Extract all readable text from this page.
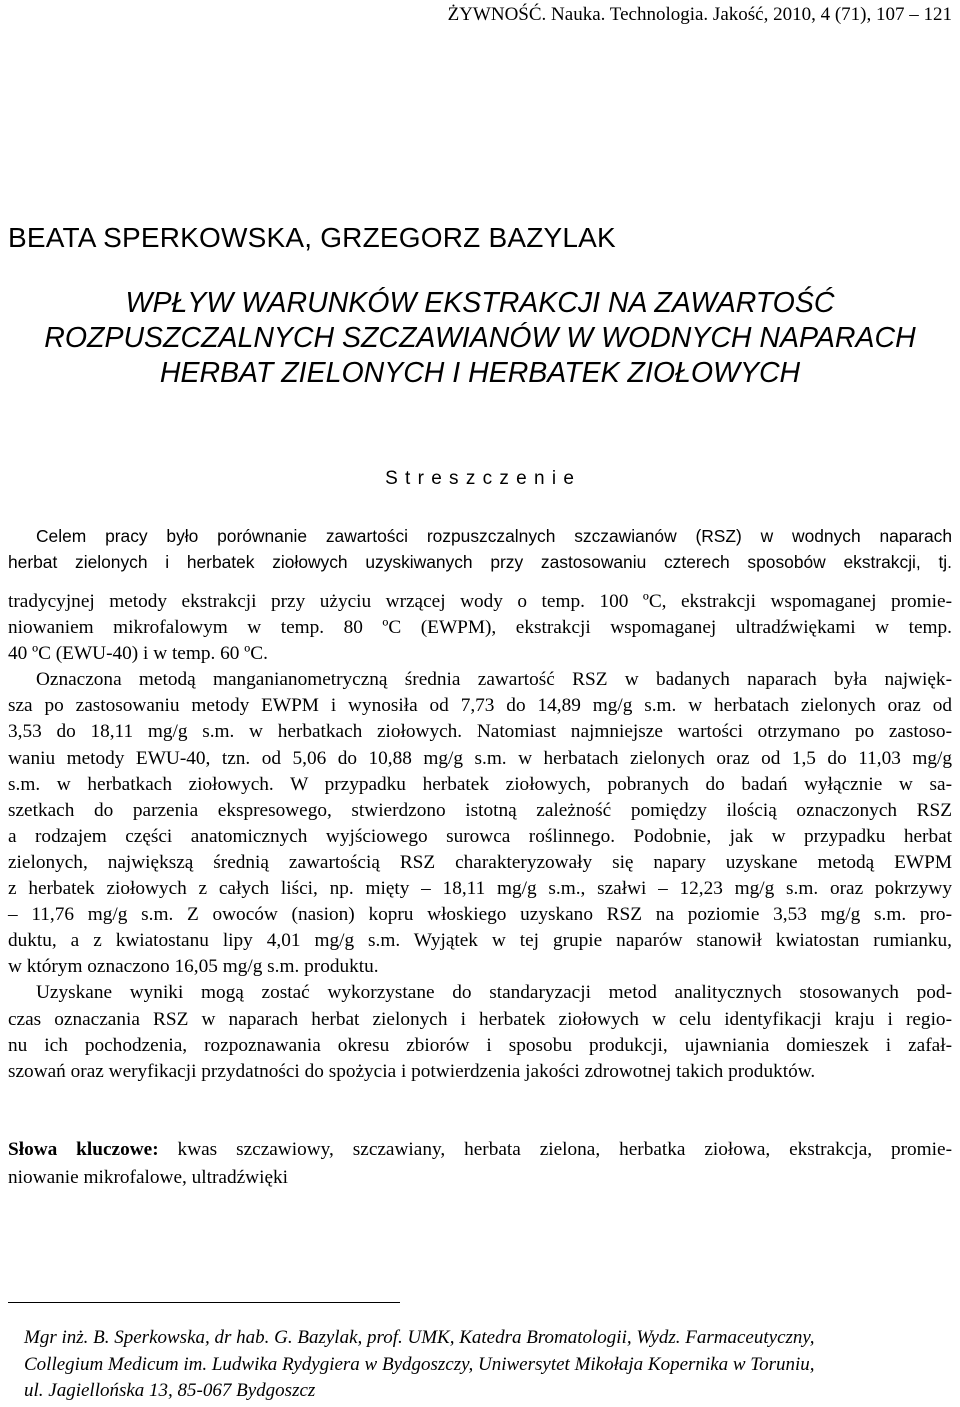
ŻYWNOŚĆ. Nauka. Technologia. Jakość, 2010, 4 (71), 107 – 121
BEATA SPERKOWSKA, GRZEGORZ BAZYLAK
WPŁYW WARUNKÓW EKSTRAKCJI NA ZAWARTOŚĆ
ROZPUSZCZALNYCH SZCZAWIANÓW W WODNYCH NAPARACH
HERBAT ZIELONYCH I HERBATEK ZIOŁOWYCH
S t r e s z c z e n i e
Celem pracy było porównanie zawartości rozpuszczalnych szczawianów (RSZ) w wodnych naparach
herbat zielonych i herbatek ziołowych uzyskiwanych przy zastosowaniu czterech sposobów ekstrakcji, tj.
tradycyjnej metody ekstrakcji przy użyciu wrzącej wody o temp. 100 ºC, ekstrakcji wspomaganej promie-
niowaniem mikrofalowym w temp. 80 ºC (EWPM), ekstrakcji wspomaganej ultradźwiękami w temp.
40 ºC (EWU-40) i w temp. 60 ºC.
Oznaczona metodą manganianometryczną średnia zawartość RSZ w badanych naparach była najwięk-
sza po zastosowaniu metody EWPM i wynosiła od 7,73 do 14,89 mg/g s.m. w herbatach zielonych oraz od
3,53 do 18,11 mg/g s.m. w herbatkach ziołowych. Natomiast najmniejsze wartości otrzymano po zastoso-
waniu metody EWU-40, tzn. od 5,06 do 10,88 mg/g s.m. w herbatach zielonych oraz od 1,5 do 11,03 mg/g
s.m. w herbatkach ziołowych. W przypadku herbatek ziołowych, pobranych do badań wyłącznie w sa-
szetkach do parzenia ekspresowego, stwierdzono istotną zależność pomiędzy ilością oznaczonych RSZ
a rodzajem części anatomicznych wyjściowego surowca roślinnego. Podobnie, jak w przypadku herbat
zielonych, największą średnią zawartością RSZ charakteryzowały się napary uzyskane metodą EWPM
z herbatek ziołowych z całych liści, np. mięty – 18,11 mg/g s.m., szałwi – 12,23 mg/g s.m. oraz pokrzywy
– 11,76 mg/g s.m. Z owoców (nasion) kopru włoskiego uzyskano RSZ na poziomie 3,53 mg/g s.m. pro-
duktu, a z kwiatostanu lipy 4,01 mg/g s.m. Wyjątek w tej grupie naparów stanowił kwiatostan rumianku,
w którym oznaczono 16,05 mg/g s.m. produktu.
Uzyskane wyniki mogą zostać wykorzystane do standaryzacji metod analitycznych stosowanych pod-
czas oznaczania RSZ w naparach herbat zielonych i herbatek ziołowych w celu identyfikacji kraju i regio-
nu ich pochodzenia, rozpoznawania okresu zbiorów i sposobu produkcji, ujawniania domieszek i zafał-
szowań oraz weryfikacji przydatności do spożycia i potwierdzenia jakości zdrowotnej takich produktów.
Słowa kluczowe: kwas szczawiowy, szczawiany, herbata zielona, herbatka ziołowa, ekstrakcja, promie-
niowanie mikrofalowe, ultradźwięki
Mgr inż. B. Sperkowska, dr hab. G. Bazylak, prof. UMK, Katedra Bromatologii, Wydz. Farmaceutyczny,
Collegium Medicum im. Ludwika Rydygiera w Bydgoszczy, Uniwersytet Mikołaja Kopernika w Toruniu,
ul. Jagiellońska 13, 85-067 Bydgoszcz
